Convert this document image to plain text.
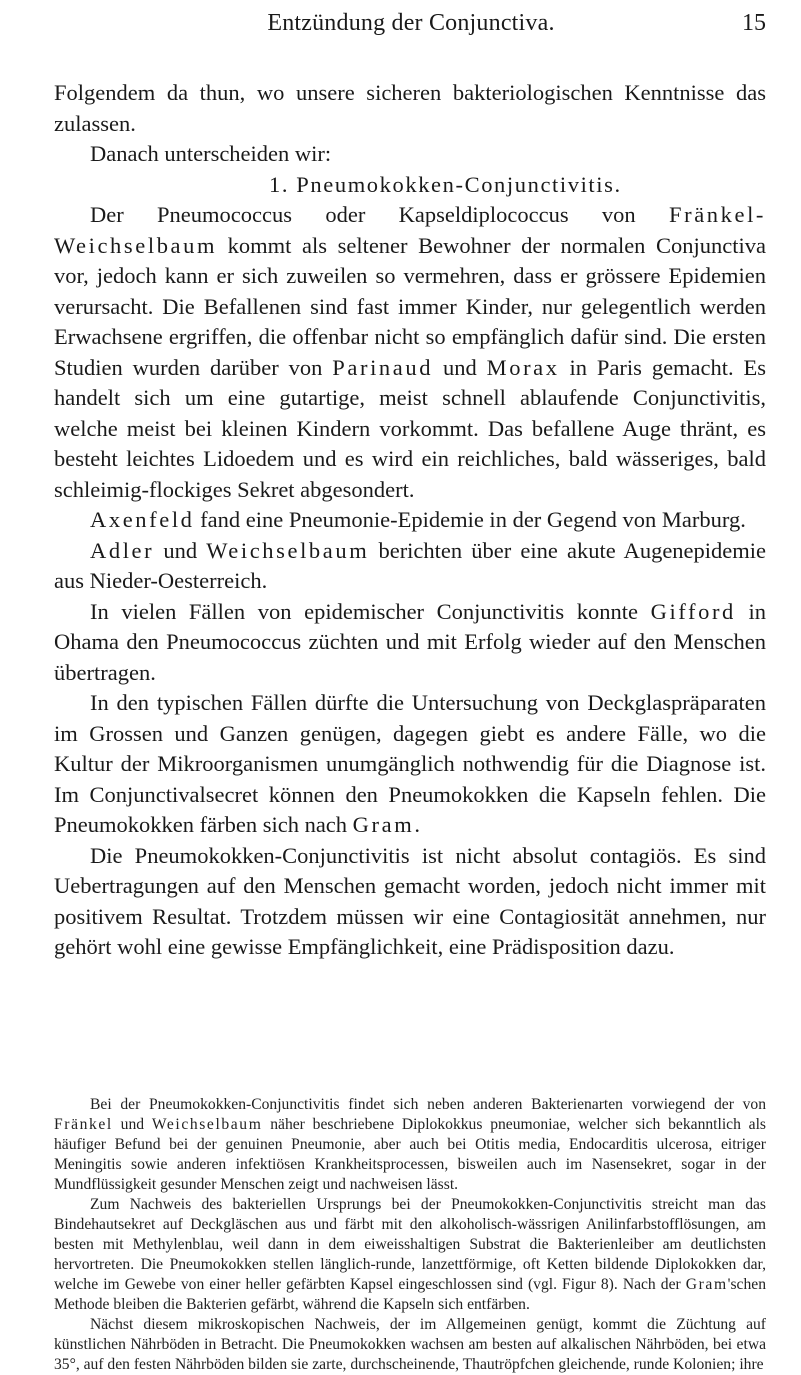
Entzündung der Conjunctiva.	15

Folgendem da thun, wo unsere sicheren bakteriologischen Kenntnisse das zulassen.

Danach unterscheiden wir:

1. Pneumokokken-Conjunctivitis.

Der Pneumococcus oder Kapseldiplococcus von Fränkel-Weichselbaum kommt als seltener Bewohner der normalen Conjunctiva vor, jedoch kann er sich zuweilen so vermehren, dass er grössere Epidemien verursacht. Die Befallenen sind fast immer Kinder, nur gelegentlich werden Erwachsene ergriffen, die offenbar nicht so empfänglich dafür sind. Die ersten Studien wurden darüber von Parinaud und Morax in Paris gemacht. Es handelt sich um eine gutartige, meist schnell ablaufende Conjunctivitis, welche meist bei kleinen Kindern vorkommt. Das befallene Auge thränt, es besteht leichtes Lidoedem und es wird ein reichliches, bald wässeriges, bald schleimig-flockiges Sekret abgesondert.

Axenfeld fand eine Pneumonie-Epidemie in der Gegend von Marburg.

Adler und Weichselbaum berichten über eine akute Augenepidemie aus Nieder-Oesterreich.

In vielen Fällen von epidemischer Conjunctivitis konnte Gifford in Ohama den Pneumococcus züchten und mit Erfolg wieder auf den Menschen übertragen.

In den typischen Fällen dürfte die Untersuchung von Deckglaspräparaten im Grossen und Ganzen genügen, dagegen giebt es andere Fälle, wo die Kultur der Mikroorganismen unumgänglich nothwendig für die Diagnose ist. Im Conjunctivalsecret können den Pneumokokken die Kapseln fehlen. Die Pneumokokken färben sich nach Gram.

Die Pneumokokken-Conjunctivitis ist nicht absolut contagiös. Es sind Uebertragungen auf den Menschen gemacht worden, jedoch nicht immer mit positivem Resultat. Trotzdem müssen wir eine Contagiosität annehmen, nur gehört wohl eine gewisse Empfänglichkeit, eine Prädisposition dazu.

Bei der Pneumokokken-Conjunctivitis findet sich neben anderen Bakterienarten vorwiegend der von Fränkel und Weichselbaum näher beschriebene Diplokokkus pneumoniae, welcher sich bekanntlich als häufiger Befund bei der genuinen Pneumonie, aber auch bei Otitis media, Endocarditis ulcerosa, eitriger Meningitis sowie anderen infektiösen Krankheitsprocessen, bisweilen auch im Nasensekret, sogar in der Mundflüssigkeit gesunder Menschen zeigt und nachweisen lässt.

Zum Nachweis des bakteriellen Ursprungs bei der Pneumokokken-Conjunctivitis streicht man das Bindehautsekret auf Deckgläschen aus und färbt mit den alkoholisch-wässrigen Anilinfarbstofflösungen, am besten mit Methylenblau, weil dann in dem eiweisshaltigen Substrat die Bakterienleiber am deutlichsten hervortreten. Die Pneumokokken stellen länglich-runde, lanzettförmige, oft Ketten bildende Diplokokken dar, welche im Gewebe von einer heller gefärbten Kapsel eingeschlossen sind (vgl. Figur 8). Nach der Gram'schen Methode bleiben die Bakterien gefärbt, während die Kapseln sich entfärben.

Nächst diesem mikroskopischen Nachweis, der im Allgemeinen genügt, kommt die Züchtung auf künstlichen Nährböden in Betracht. Die Pneumokokken wachsen am besten auf alkalischen Nährböden, bei etwa 35°, auf den festen Nährböden bilden sie zarte, durchscheinende, Thautröpfchen gleichende, runde Kolonien; ihre
